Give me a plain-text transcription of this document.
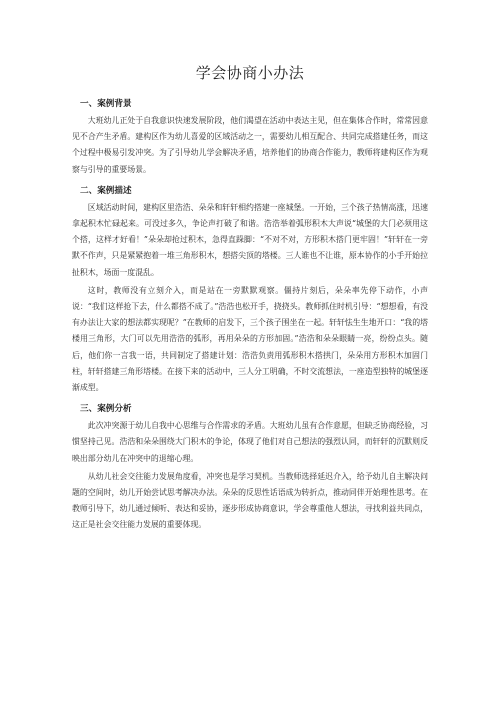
学会协商小办法
一、案例背景

大班幼儿正处于自我意识快速发展阶段，他们渴望在活动中表达主见，但在集体合作时，常常因意见不合产生矛盾。建构区作为幼儿喜爱的区域活动之一，需要幼儿相互配合、共同完成搭建任务，而这个过程中极易引发冲突。为了引导幼儿学会解决矛盾，培养他们的协商合作能力，教师将建构区作为观察与引导的重要场景。

二、案例描述

区域活动时间，建构区里浩浩、朵朵和轩轩相约搭建一座城堡。一开始，三个孩子热情高涨，迅速拿起积木忙碌起来。可没过多久，争论声打破了和谐。浩浩举着弧形积木大声说“城堡的大门必须用这个搭，这样才好看！”朵朵却抢过积木，急得直跺脚：“不对不对，方形积木搭门更牢固！”轩轩在一旁默不作声，只是紧紧抱着一堆三角形积木，想搭尖顶的塔楼。三人谁也不让谁，原本协作的小手开始拉扯积木，场面一度混乱。

这时，教师没有立刻介入，而是站在一旁默默观察。僵持片刻后，朵朵率先停下动作，小声说：“我们这样抢下去，什么都搭不成了。”浩浩也松开手，挠挠头。教师抓住时机引导：“想想看，有没有办法让大家的想法都实现呢？”在教师的启发下，三个孩子围坐在一起。轩轩怯生生地开口：“我的塔楼用三角形，大门可以先用浩浩的弧形，再用朵朵的方形加固。”浩浩和朵朵眼睛一亮，纷纷点头。随后，他们你一言我一语，共同制定了搭建计划：浩浩负责用弧形积木搭拱门，朵朵用方形积木加固门柱，轩轩搭建三角形塔楼。在接下来的活动中，三人分工明确，不时交流想法，一座造型独特的城堡逐渐成型。

三、案例分析

此次冲突源于幼儿自我中心思维与合作需求的矛盾。大班幼儿虽有合作意愿，但缺乏协商经验，习惯坚持己见。浩浩和朵朵围绕大门积木的争论，体现了他们对自己想法的强烈认同，而轩轩的沉默则反映出部分幼儿在冲突中的退缩心理。

从幼儿社会交往能力发展角度看，冲突也是学习契机。当教师选择延迟介入，给予幼儿自主解决问题的空间时，幼儿开始尝试思考解决办法。朵朵的反思性话语成为转折点，推动同伴开始理性思考。在教师引导下，幼儿通过倾听、表达和妥协，逐步形成协商意识，学会尊重他人想法，寻找利益共同点，这正是社会交往能力发展的重要体现。
